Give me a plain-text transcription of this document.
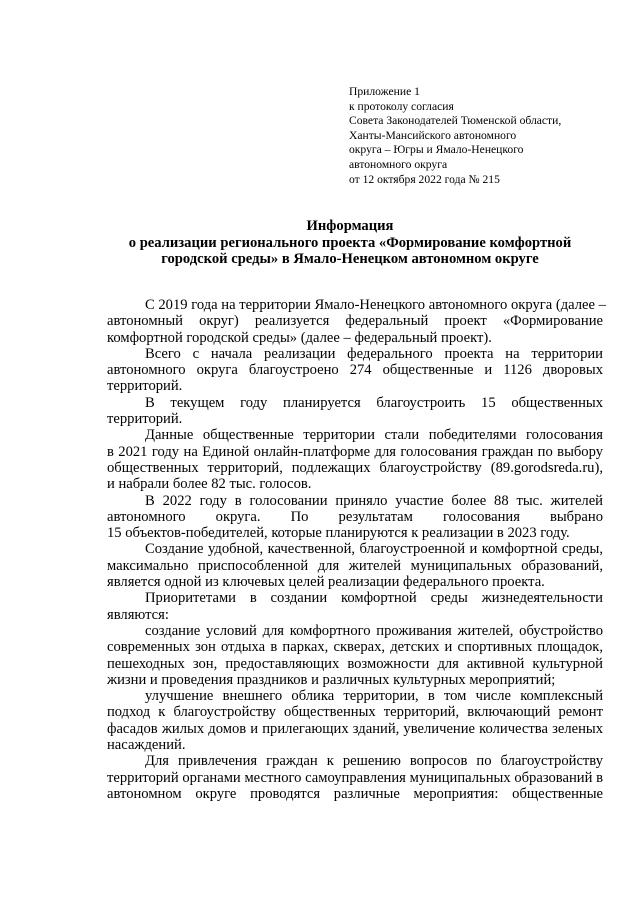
Приложение 1
к протоколу согласия
Совета Законодателей Тюменской области,
Ханты-Мансийского автономного
округа – Югры и Ямало-Ненецкого
автономного округа
от 12 октября 2022 года № 215
Информация
о реализации регионального проекта «Формирование комфортной
городской среды» в Ямало-Ненецком автономном округе
С 2019 года на территории Ямало-Ненецкого автономного округа (далее –
автономный округ) реализуется федеральный проект «Формирование
комфортной городской среды» (далее – федеральный проект).
Всего с начала реализации федерального проекта на территории
автономного округа благоустроено 274 общественные и 1126 дворовых
территорий.
В текущем году планируется благоустроить 15 общественных
территорий.
Данные общественные территории стали победителями голосования
в 2021 году на Единой онлайн-платформе для голосования граждан по выбору
общественных территорий, подлежащих благоустройству (89.gorodsreda.ru),
и набрали более 82 тыс. голосов.
В 2022 году в голосовании приняло участие более 88 тыс. жителей
автономного округа. По результатам голосования выбрано
15 объектов-победителей, которые планируются к реализации в 2023 году.
Создание удобной, качественной, благоустроенной и комфортной среды,
максимально приспособленной для жителей муниципальных образований,
является одной из ключевых целей реализации федерального проекта.
Приоритетами в создании комфортной среды жизнедеятельности
являются:
создание условий для комфортного проживания жителей, обустройство
современных зон отдыха в парках, скверах, детских и спортивных площадок,
пешеходных зон, предоставляющих возможности для активной культурной
жизни и проведения праздников и различных культурных мероприятий;
улучшение внешнего облика территории, в том числе комплексный
подход к благоустройству общественных территорий, включающий ремонт
фасадов жилых домов и прилегающих зданий, увеличение количества зеленых
насаждений.
Для привлечения граждан к решению вопросов по благоустройству
территорий органами местного самоуправления муниципальных образований в
автономном округе проводятся различные мероприятия: общественные
